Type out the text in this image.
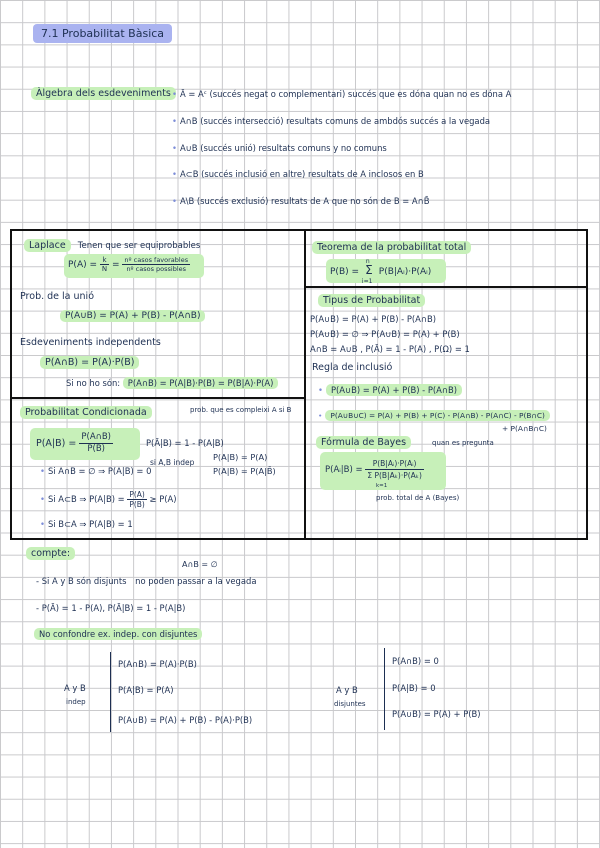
7.1 Probabilitat Bàsica
Àlgebra dels esdeveniments • Ā = Aᶜ (succés negat o complementari) succés que es dóna quan no es dóna A
• A∩B (succés intersecció) resultats comuns de ambdós succés a la vegada
• A∪B (succés unió) resultats comuns y no comuns
• A⊂B (succés inclusió en altre) resultats de A inclosos en B
• A\B (succés exclusió) resultats de A que no són de B = A∩B̄
Laplace Tenen que ser equiprobables
$P(A) = \frac{k}{N} = \frac{\text{nº casos favorables}}{\text{nº casos possibles}}$
Prob. de la unió
P(A∪B) = P(A) + P(B) - P(A∩B)
Esdeveniments independents
P(A∩B) = P(A)·P(B)
Si no ho són: P(A∩B) = P(A|B)·P(B) = P(B|A)·P(A)
Probabilitat Condicionada	prob. que es compleixi A si B
$P(A|B) = \frac{P(A\cap B)}{P(B)}$	P(Ā|B) = 1 - P(A|B)
si A,B indep
P(A|B) = P(A)
P(A|B) = P(A|B̄)
• Si A∩B = ∅ ⇒ P(A|B) = 0
• Si A⊂B ⇒ $P(A|B) = \frac{P(A)}{P(B)} \ge P(A)$
• Si B⊂A ⇒ P(A|B) = 1
Teorema de la probabilitat total
P(B) =
n
Σ
i=1
P(B|Aᵢ)·P(Aᵢ)
Tipus de Probabilitat
P(A∪B) = P(A) + P(B) - P(A∩B)
P(A∪B) = ∅ ⇒ P(A∪B) = P(A) + P(B)
A∩B = A∪B , P(Ā) = 1 - P(A) , P(Ω) = 1
Regla de inclusió
• P(A∪B) = P(A) + P(B) - P(A∩B)
• P(A∪B∪C) = P(A) + P(B) + P(C) - P(A∩B) - P(A∩C) - P(B∩C)
+ P(A∩B∩C)
Fórmula de Bayes	quan es pregunta
P(Aᵢ|B) = $\frac{\text{P(B|Aᵢ)·P(Aᵢ)}}{\text{Σ P(B|Aₖ)·P(Aₖ)}}$
k=1
prob. total de A (Bayes)
compte:
A∩B = ∅
- Si A y B són disjunts no poden passar a la vegada
- P(Ā) = 1 - P(A), P(Ā|B) = 1 - P(A|B)
No confondre ex. indep. con disjuntes
A y B
indep
P(A∩B) = P(A)·P(B)
P(A|B) = P(A)
P(A∪B) = P(A) + P(B) - P(A)·P(B)
A y B
disjuntes
P(A∩B) = 0
P(A|B) = 0
P(A∪B) = P(A) + P(B)
